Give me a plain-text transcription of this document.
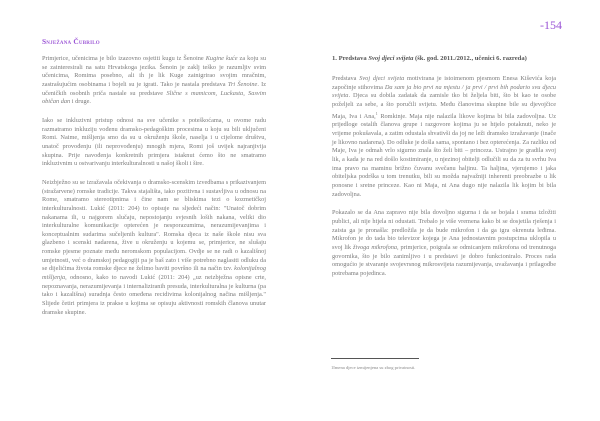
Snježana Čubrilo

Primjerice, učenicima je bilo izazovno osjetiti kugu iz Šenoine Kugine kuće za koju su se zainteresirali na satu Hrvatskoga jezika. Šenoin je zaklj teško je razumljiv svim učenicima, Romima posebno, ali ih je lik Kuge zainigrirao svojim mračnim, zastrašujućim osobinama i bojeli su je igrati. Tako je nastala predstava Tri Šenoine. Iz učeničkih osobnih priča nastale su predstave Slične s mamicom, Luckasta, Sasvim običan dan i druge.

Iako se inkluzivni pristup odnosi na sve učenike s poteškoćama, u ovome radu razmatramo inkluziju vođenu dramsko-pedagoškim procesima u koju su bili uključeni Romi. Naime, mišljenja smo da su u okruženju škole, naselja i u cijelome društvu, unatoč provođenju (ili neprovođenju) mnogih mjera, Romi još uvijek najranjivija skupina. Prije navođenja konkretnih primjera istaknut ćemo što ne smatramo inkluzivnim u ostvarivanju interkulturalnosti u našoj školi i šire.

Neizbježno su se izražavala očekivanja o dramsko-scenskim izvedbama s prikazivanjem (stražarvene) romske tradicije. Takva stajališta, iako pozitivna i sustavljiva u odnosu na Rome, smatramo stereotipnima i čine nam se bliskima tezi o kozmetičkoj interkulturalnosti. Lukić (2011: 204) to opisuje na sljedeći način: "Unatoč dobrim nakanama ili, u najgorem slučaju, nepostojanju svjesnih loših nakana, veliki dio interkulturalne komunikacije opterećen je nesporazumima, nerazumijevanjima i konceptualnim sudarima sučeljenih kultura". Romska djeca iz naše škole nisu sva glazbeno i scenski nadarena, žive u okruženju u kojemu se, primjerice, ne slušaju romske pjesme poznate među neromskom populacijom. Ovdje se ne radi o kazališnoj umjetnosti, već o dramskoj pedagogiji pa je baš zato i više potrebno naglasiti odluku da se dijelićima života romske djece ne želimo baviti površno ili na način tzv. kolonijalnog mišljenja, odnosno, kako to navodi Lukić (2011: 204) „uz neizbježna opisne crte, nepoznavanja, nerazumijevanja i internaliziranih presuda, interkulturalna je kulturna (pa tako i kazališna) suradnja često omeđena recidivima kolonijalnog načina mišljenja." Slijede četiri primjera iz prakse u kojima se opisuju aktivnosti romskih članova unutar dramske skupine.

-154
1. Predstava Svoj djeci svijeta (šk. god. 2011./2012., učenici 6. razreda)

Predstava Svoj djeci svijeta motivirana je istoimenom pjesmom Enesa Kiševića koja započinje stihovima Da sam ja bio prvi na mjestu / ja prvi / prvi bih podario svu djecu svijeta. Djeca su dobila zadatak da zamisle tko bi željela biti, što bi kao te osobe poželjeli za sebe, a što poručili svijetu. Među članovima skupine bile su djevojčice Maja, Iva i Ana,$^1$ Romkinje. Maja nije nalazila likove kojima bi bila zadovoljna. Uz prijedloge ostalih članova grupe i razgovore kojima ju se htjelo potaknuti, neko je vrijeme pokušavala, a zatim odustala shvativši da joj ne leži dramsko izražavanje (inače je likovno nadarena). Do odluke je došla sama, spontano i bez opterećenja. Za razliku od Maje, Iva je odmah vrlo sigurno znala što želi biti – princeza. Ustrajno je gradila svoj lik, a kada je na red došlo kostimiranje, u njezinoj obitelji odlučili su da za tu svrhu Iva ima pravo na maminu brižno čuvanu svečanu haljinu. Ta haljina, vjerujemo i jaka obiteljska podrška u tom trenutku, bili su možda najvažniji inherenti preobrazbe u lik ponosne i sretne princeze. Kao ni Maja, ni Ana dugo nije nalazila lik kojim bi bila zadovoljna.

Pokazalo se da Ana zapravo nije bila dovoljno sigurna i da se bojala i srama izložiti publici, ali nije htjela ni odustati. Trebalo je više vremena kako bi se dosjetila rješenja i zaista ga je pronašla: predložila je da bude mikrofon i da ga igra okrenuta leđima. Mikrofon je do tada bio televizor kojega je Ana jednostavnim postupcima uklopila u svoj lik živoga mikrofona, primjerice, poigrala se odmicanjem mikrofona od trenutnoga govornika, što je bilo zanimljivo i u predstavi je dobro funkcioniralo. Proces rada omogućio je stvaranje svojevrsnog mikrosvijeta razumijevanja, uvažavanja i prilagodbe potrebama pojedinca.

1Imena djece izmijenjena su zbog privatnosti.
